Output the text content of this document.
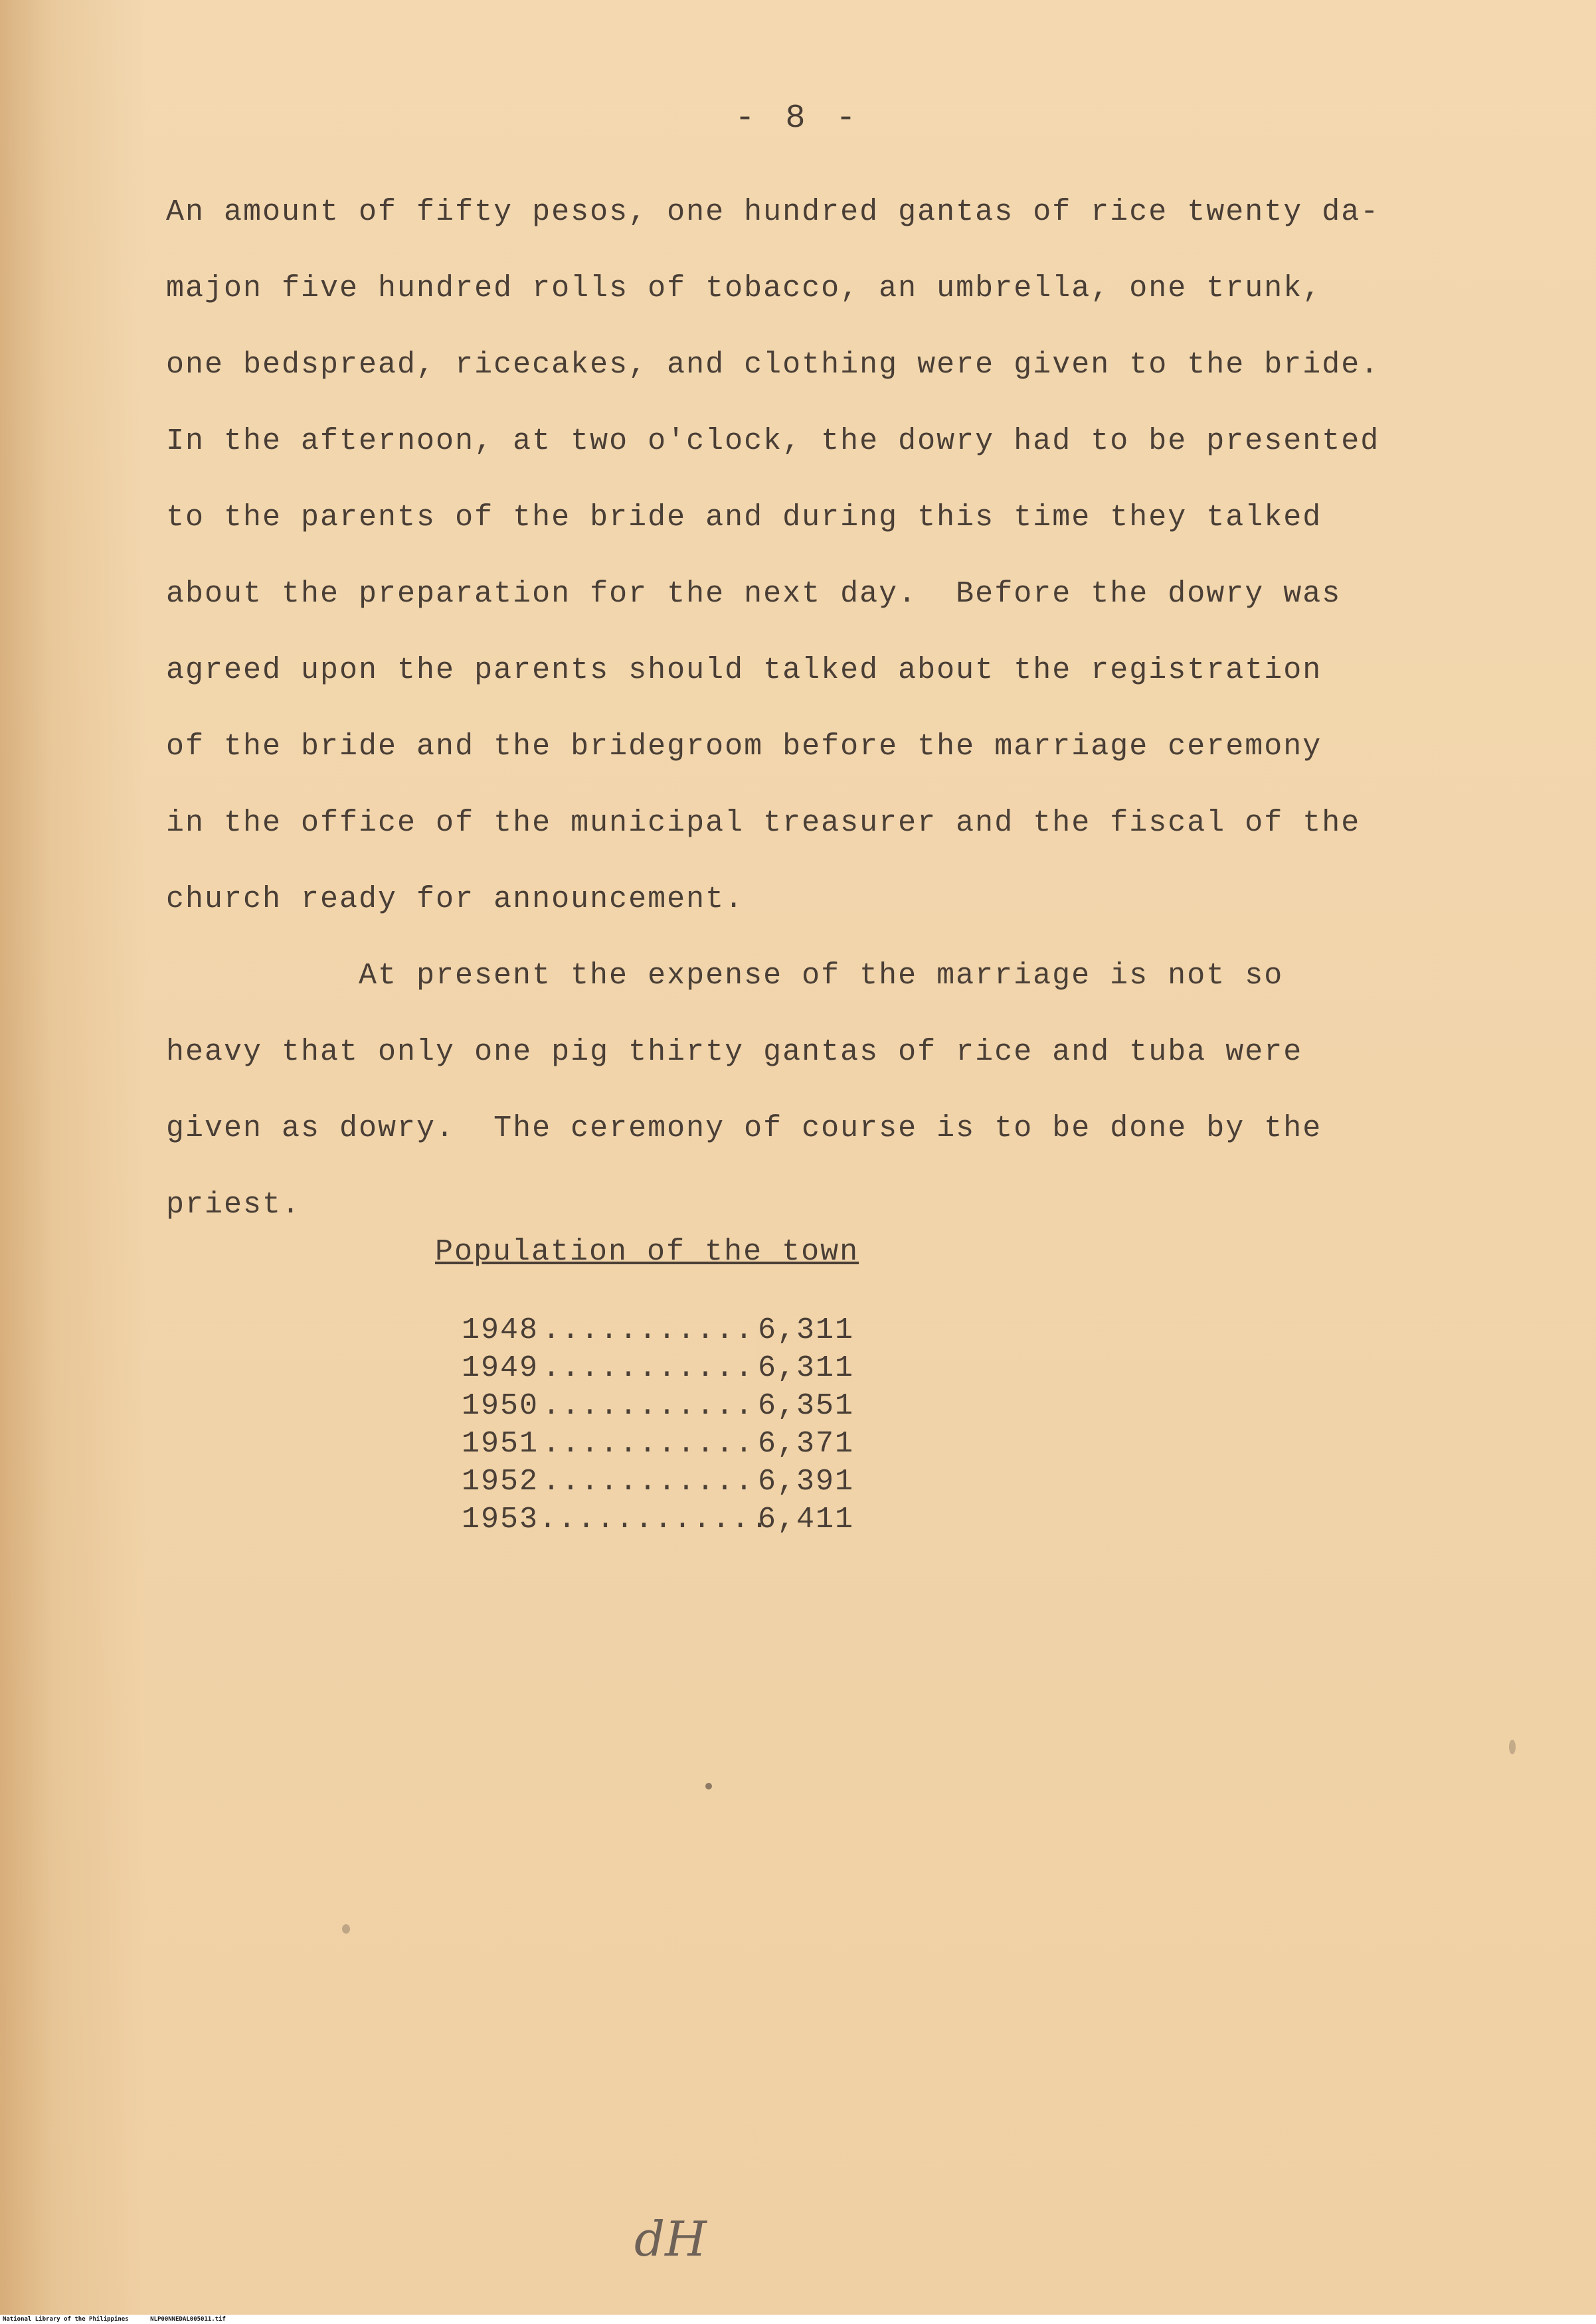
- 8 -
An amount of fifty pesos, one hundred gantas of rice twenty da-
majon five hundred rolls of tobacco, an umbrella, one trunk,
one bedspread, ricecakes, and clothing were given to the bride.
In the afternoon, at two o'clock, the dowry had to be presented
to the parents of the bride and during this time they talked
about the preparation for the next day.  Before the dowry was
agreed upon the parents should talked about the registration
of the bride and the bridegroom before the marriage ceremony
in the office of the municipal treasurer and the fiscal of the
church ready for announcement.
At present the expense of the marriage is not so
heavy that only one pig thirty gantas of rice and tuba were
given as dowry.  The ceremony of course is to be done by the
priest.
Population of the town
1948 ........... 6,311
1949 ........... 6,311
1950 ........... 6,351
1951 ........... 6,371
1952 ........... 6,391
1953............6,411
dH
National Library of the Philippines	NLP00NNEDAL005011.tif
